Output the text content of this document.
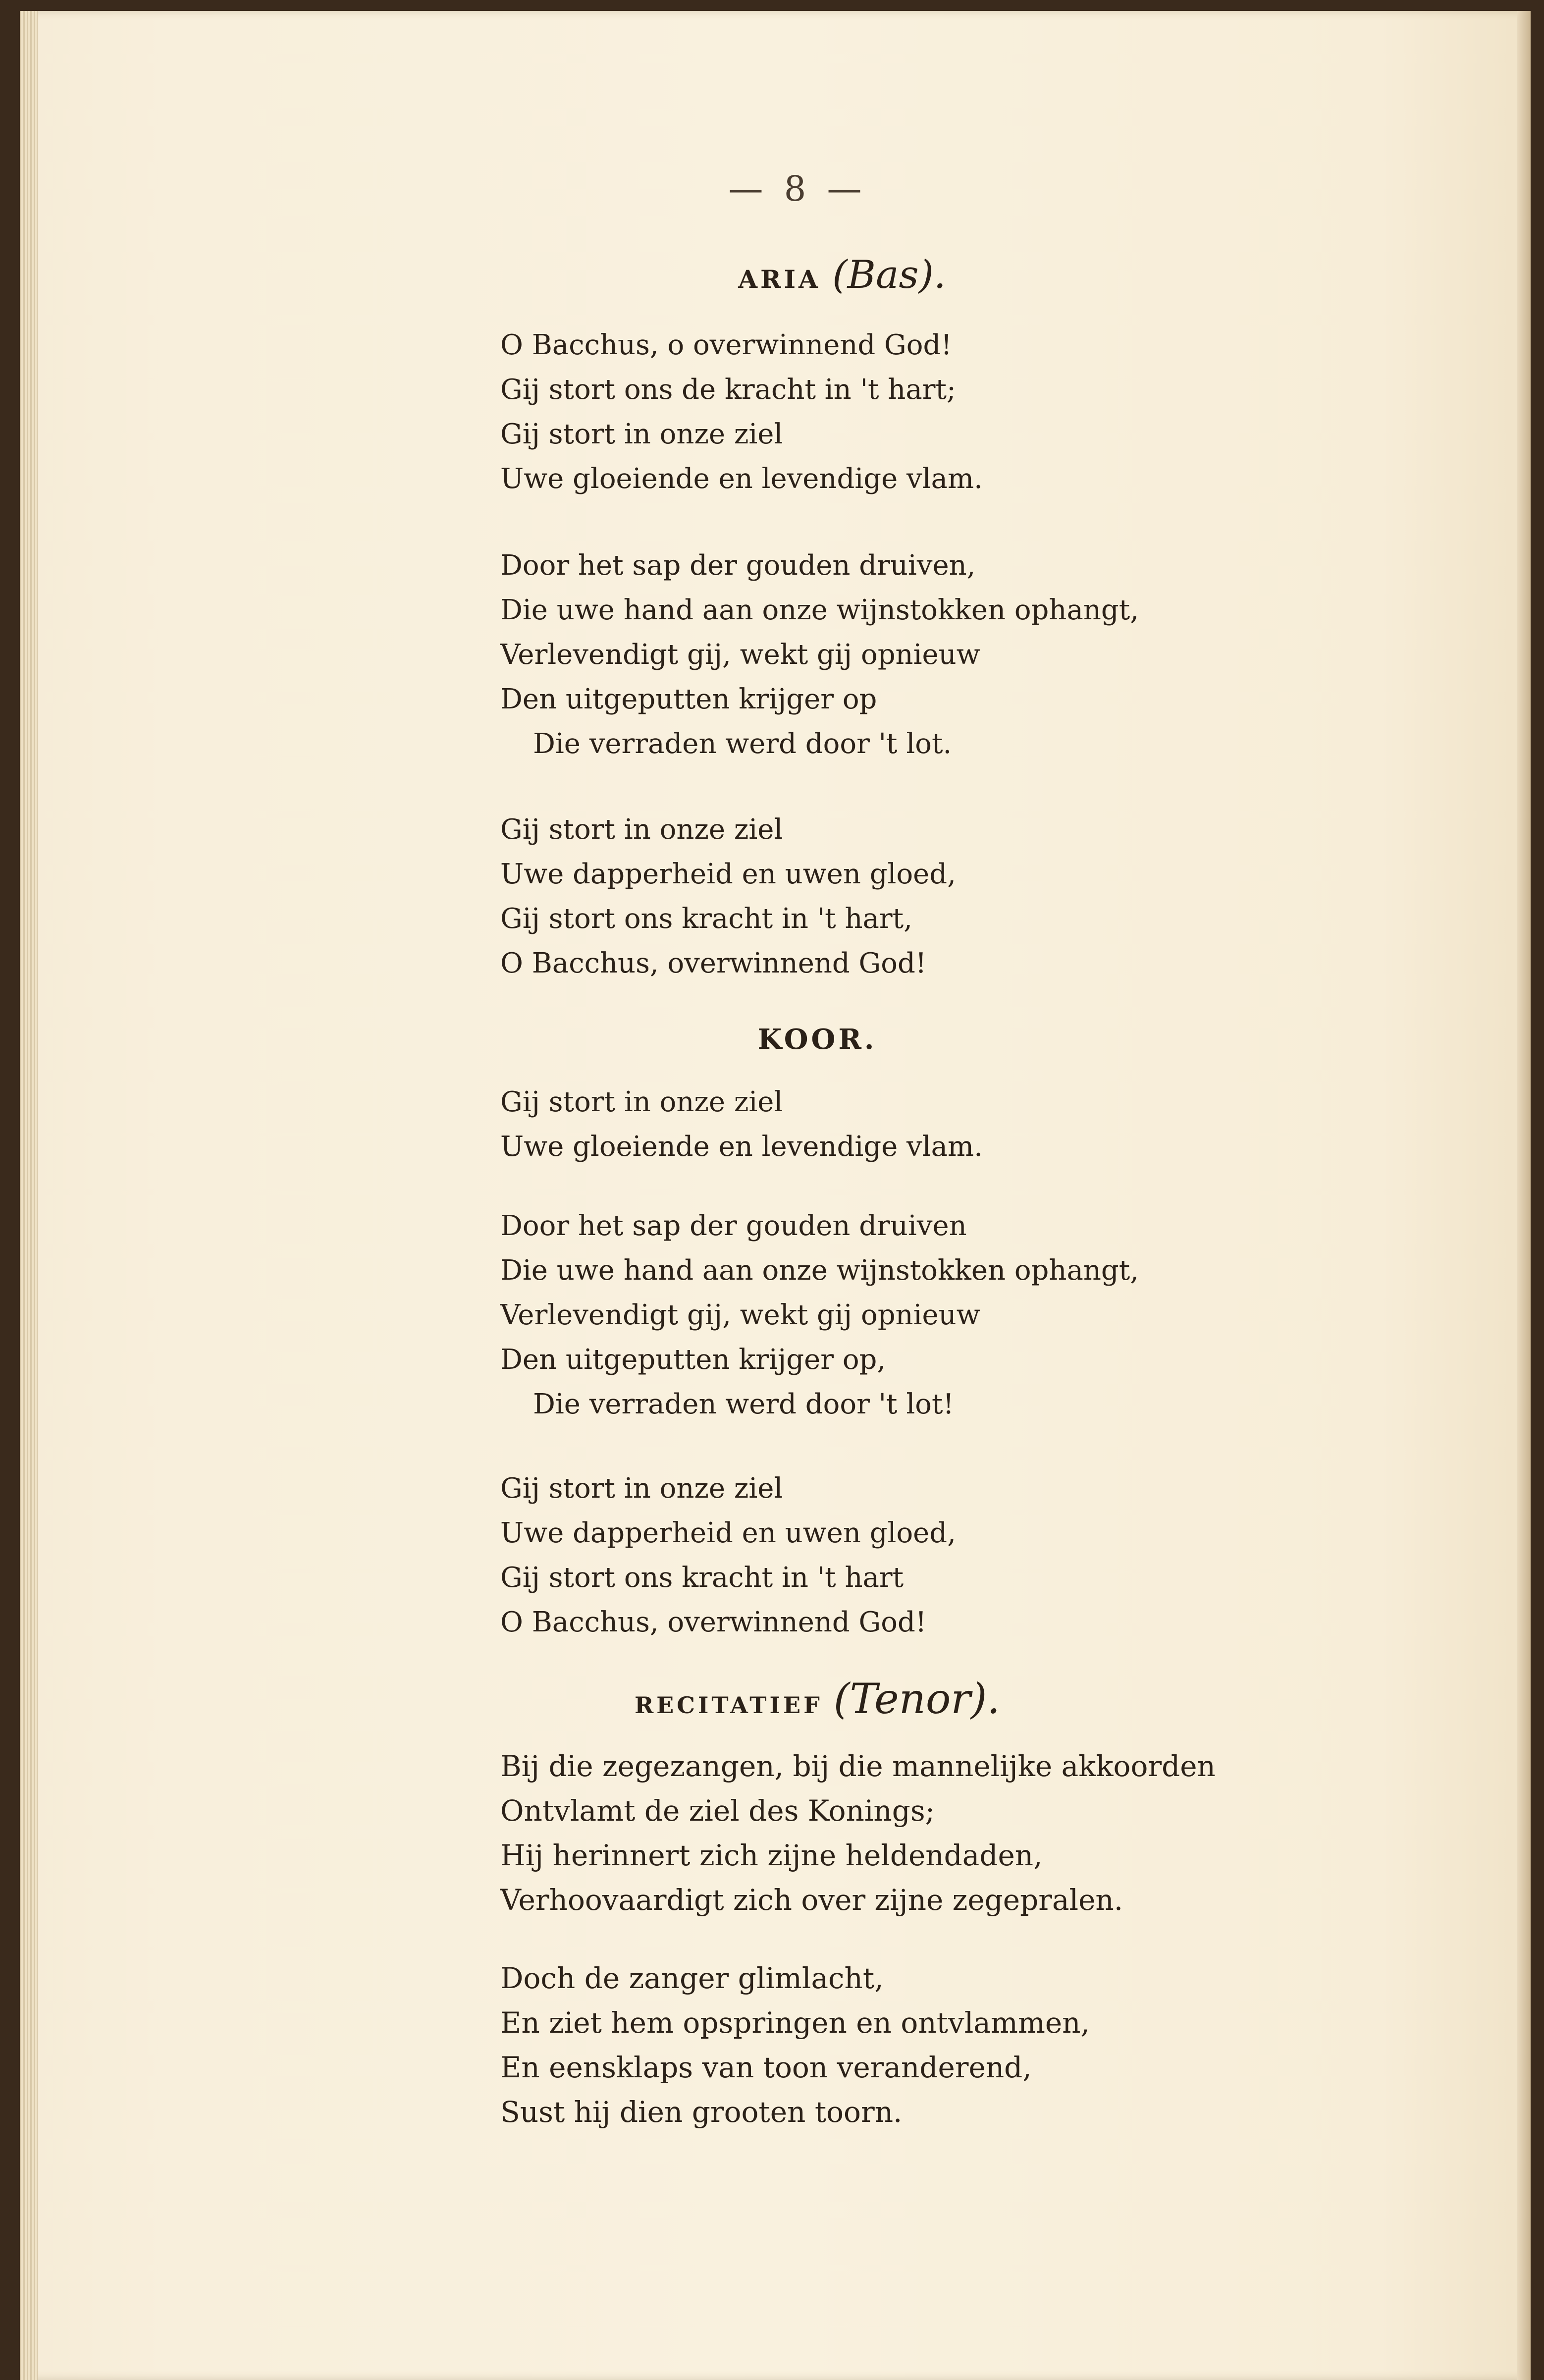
— 8 —
ARIA (Bas).
O Bacchus, o overwinnend God!
Gij stort ons de kracht in 't hart;
Gij stort in onze ziel
Uwe gloeiende en levendige vlam.
Door het sap der gouden druiven,
Die uwe hand aan onze wijnstokken ophangt,
Verlevendigt gij, wekt gij opnieuw
Den uitgeputten krijger op
Die verraden werd door 't lot.
Gij stort in onze ziel
Uwe dapperheid en uwen gloed,
Gij stort ons kracht in 't hart,
O Bacchus, overwinnend God!
KOOR.
Gij stort in onze ziel
Uwe gloeiende en levendige vlam.
Door het sap der gouden druiven
Die uwe hand aan onze wijnstokken ophangt,
Verlevendigt gij, wekt gij opnieuw
Den uitgeputten krijger op,
Die verraden werd door 't lot!
Gij stort in onze ziel
Uwe dapperheid en uwen gloed,
Gij stort ons kracht in 't hart
O Bacchus, overwinnend God!
RECITATIEF (Tenor).
Bij die zegezangen, bij die mannelijke akkoorden
Ontvlamt de ziel des Konings;
Hij herinnert zich zijne heldendaden,
Verhoovaardigt zich over zijne zegepralen.
Doch de zanger glimlacht,
En ziet hem opspringen en ontvlammen,
En eensklaps van toon veranderend,
Sust hij dien grooten toorn.
